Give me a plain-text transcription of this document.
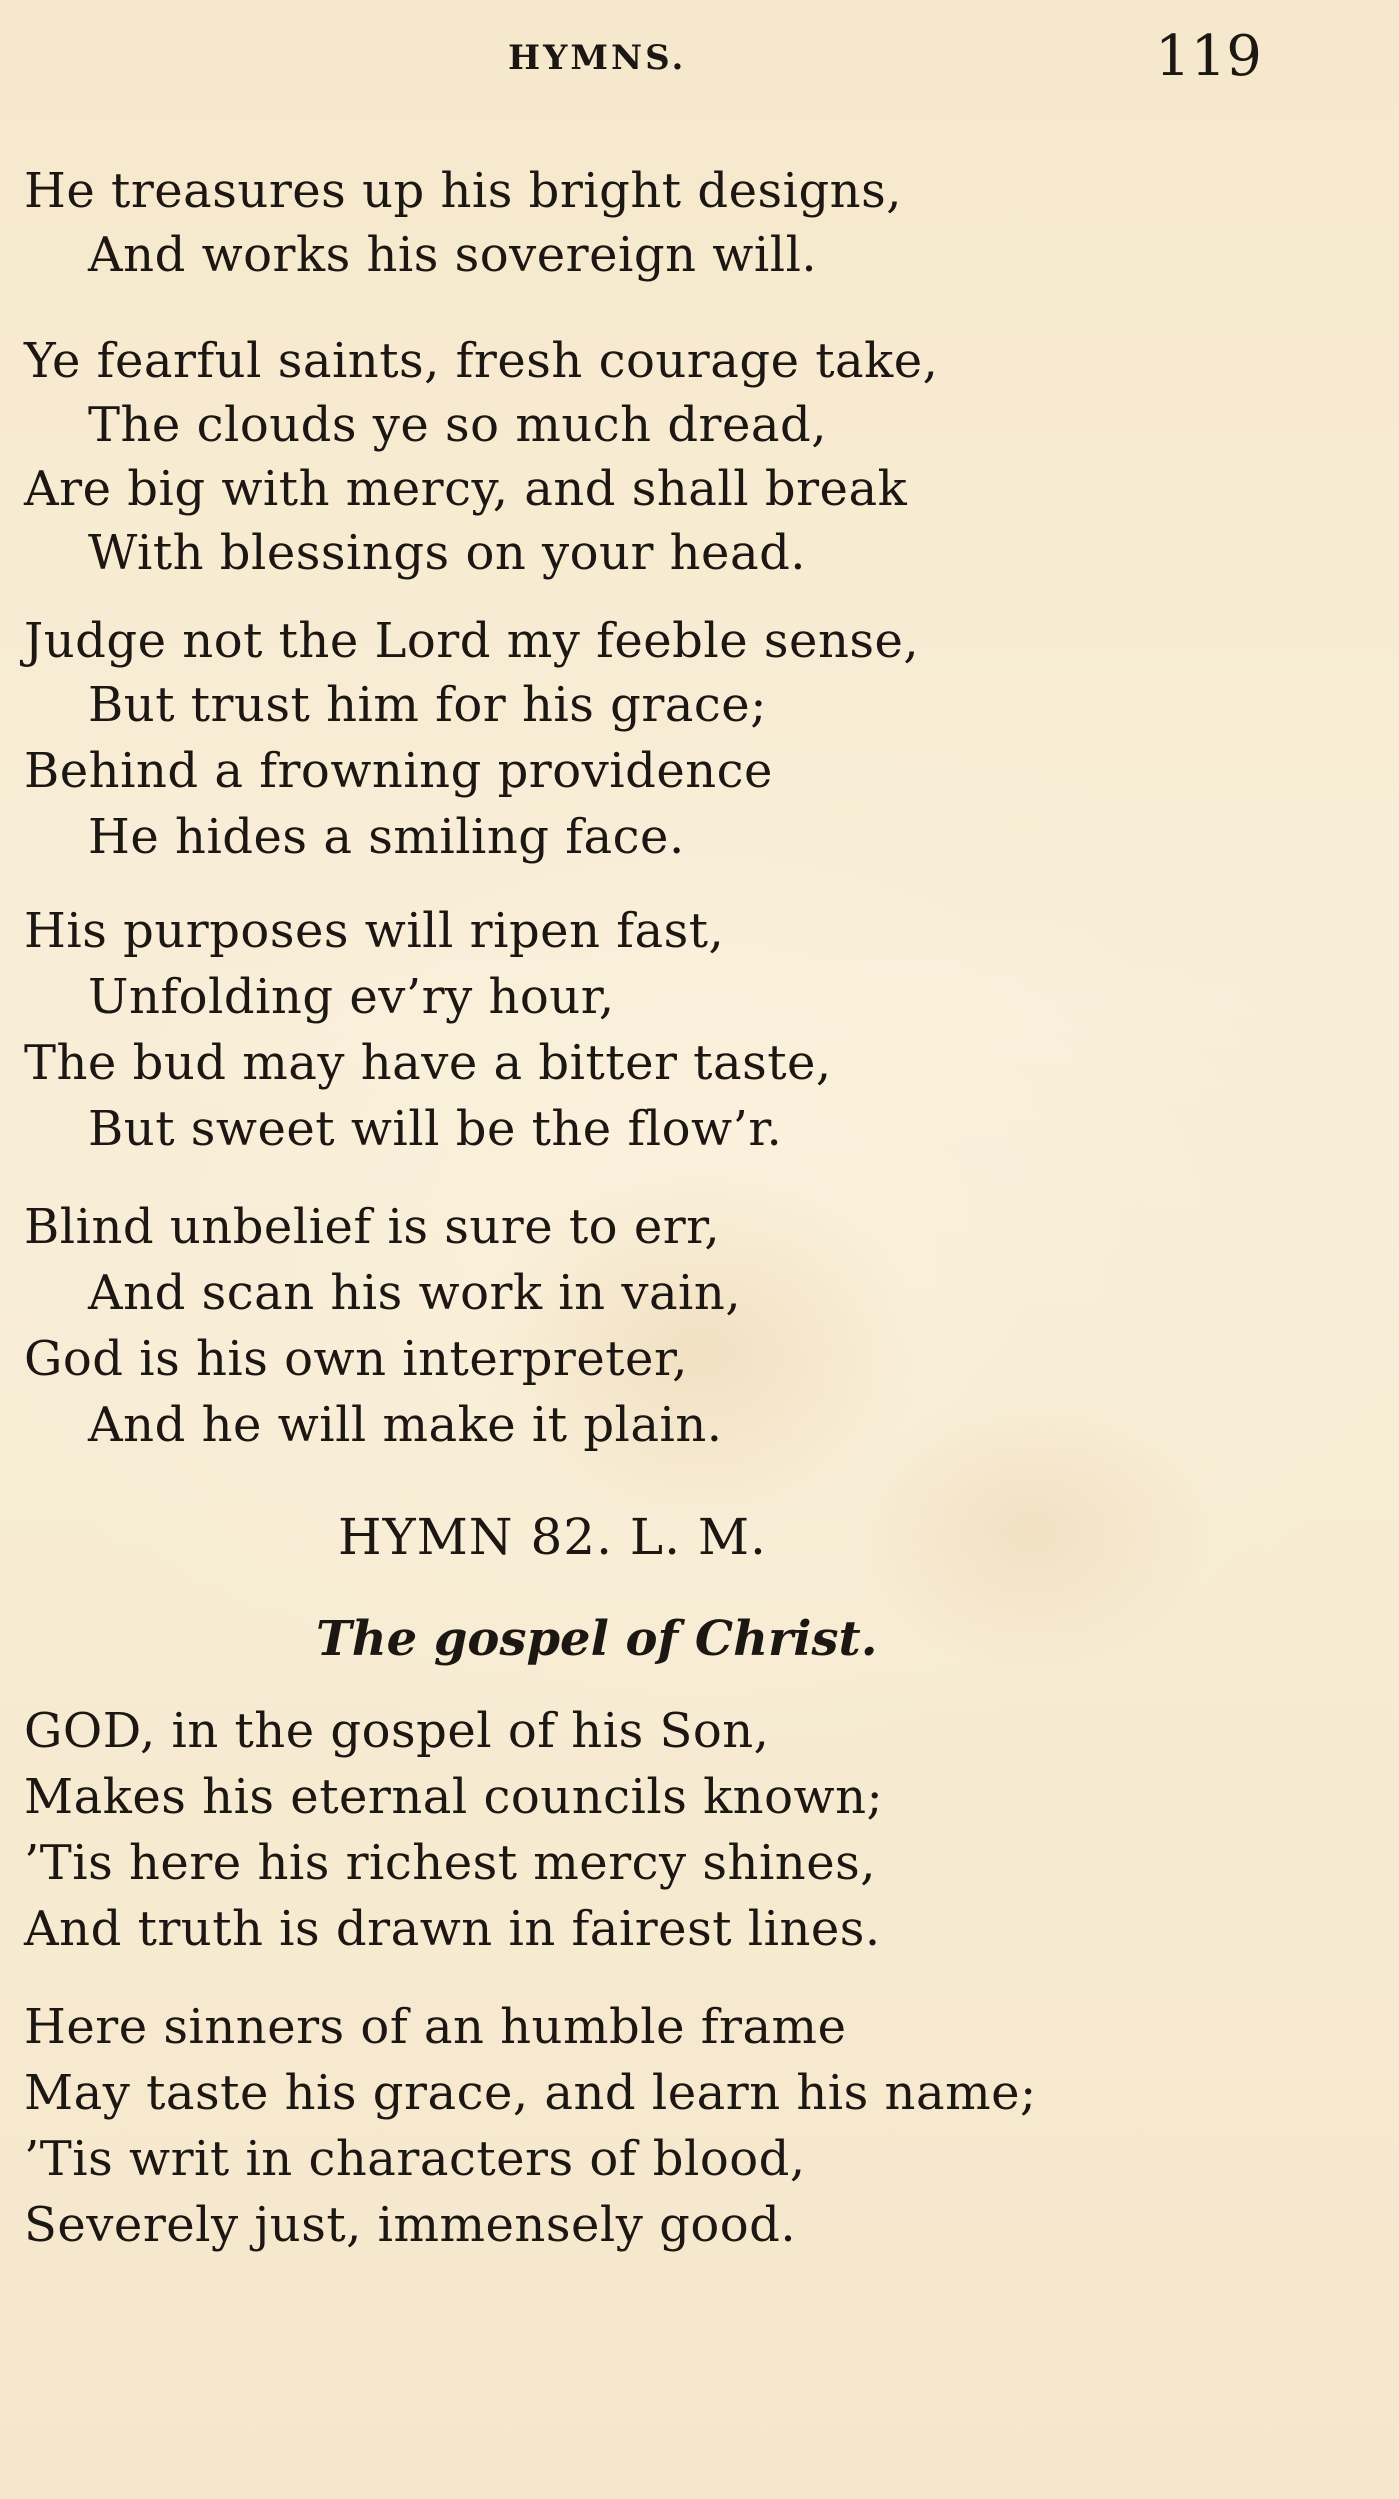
HYMNS.	119
He treasures up his bright designs,
And works his sovereign will.
Ye fearful saints, fresh courage take,
The clouds ye so much dread,
Are big with mercy, and shall break
With blessings on your head.
Judge not the Lord my feeble sense,
But trust him for his grace;
Behind a frowning providence
He hides a smiling face.
His purposes will ripen fast,
Unfolding ev’ry hour,
The bud may have a bitter taste,
But sweet will be the flow’r.
Blind unbelief is sure to err,
And scan his work in vain,
God is his own interpreter,
And he will make it plain.
HYMN 82. L. M.
The gospel of Christ.
GOD, in the gospel of his Son,
Makes his eternal councils known;
’Tis here his richest mercy shines,
And truth is drawn in fairest lines.
Here sinners of an humble frame
May taste his grace, and learn his name;
’Tis writ in characters of blood,
Severely just, immensely good.
